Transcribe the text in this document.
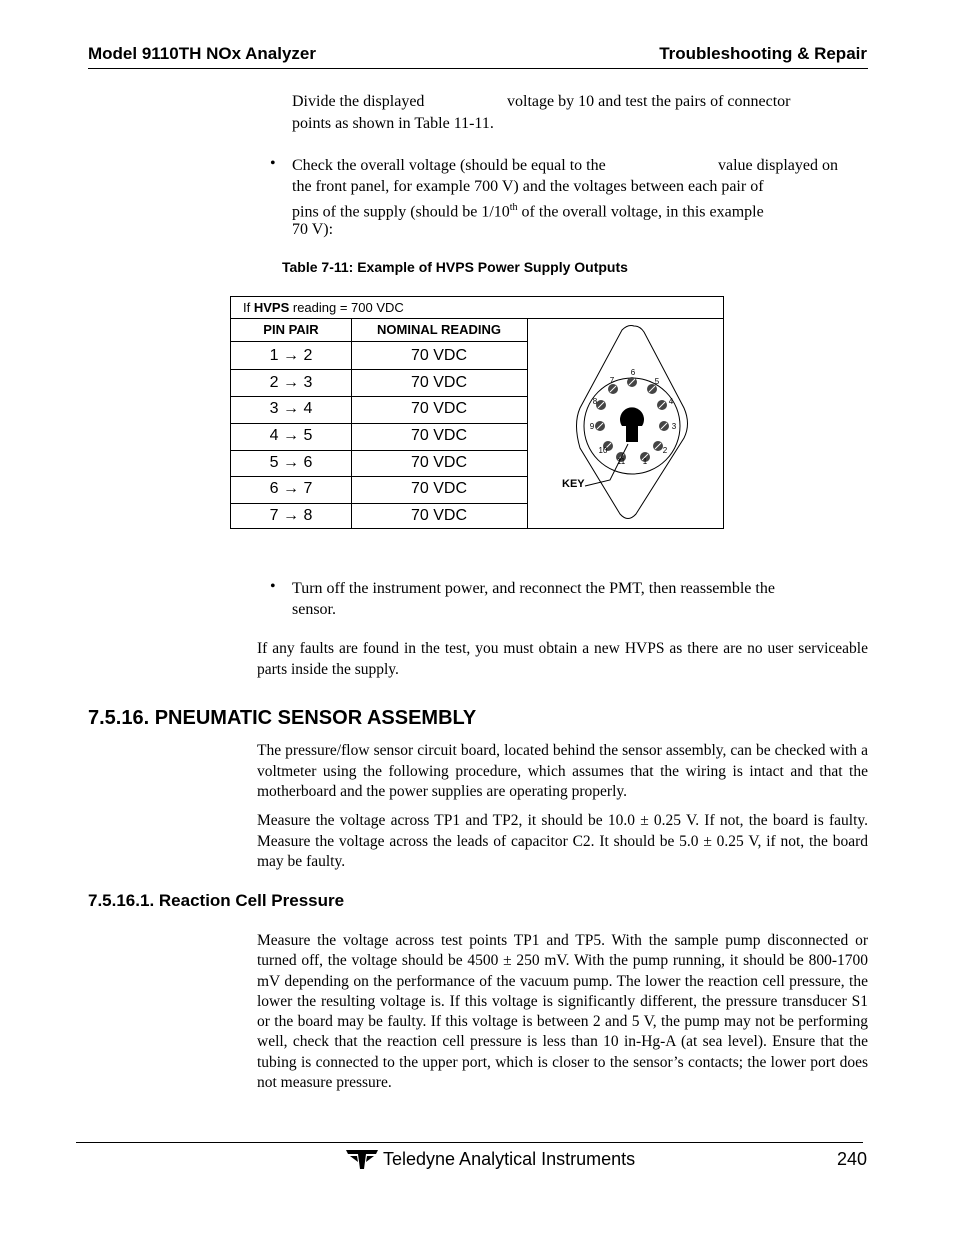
Model 9110TH NOx Analyzer	Troubleshooting & Repair
Divide the displayed	voltage by 10 and test the pairs of connector
points as shown in Table 11-11.
• Check the overall voltage (should be equal to the	value displayed on
the front panel, for example 700 V) and the voltages between each pair of
pins of the supply (should be 1/10th of the overall voltage, in this example
70 V):
Table 7-11: Example of HVPS Power Supply Outputs
If HVPS reading = 700 VDC
PIN PAIR	NOMINAL READING
1 → 2	70 VDC
2 → 3	70 VDC
3 → 4	70 VDC
4 → 5	70 VDC
5 → 6	70 VDC
6 → 7	70 VDC
7 → 8	70 VDC
1
2
3
4
5
6
7
8
9
10
11
KEY
• Turn off the instrument power, and reconnect the PMT, then reassemble the
sensor.
If any faults are found in the test, you must obtain a new HVPS as there are no user serviceable parts inside the supply.
7.5.16. PNEUMATIC SENSOR ASSEMBLY
The pressure/flow sensor circuit board, located behind the sensor assembly, can be checked with a voltmeter using the following procedure, which assumes that the wiring is intact and that the motherboard and the power supplies are operating properly.
Measure the voltage across TP1 and TP2, it should be 10.0 ± 0.25 V. If not, the board is faulty. Measure the voltage across the leads of capacitor C2. It should be 5.0 ± 0.25 V, if not, the board may be faulty.
7.5.16.1. Reaction Cell Pressure
Measure the voltage across test points TP1 and TP5. With the sample pump disconnected or turned off, the voltage should be 4500 ± 250 mV. With the pump running, it should be 800-1700 mV depending on the performance of the vacuum pump. The lower the reaction cell pressure, the lower the resulting voltage is. If this voltage is significantly different, the pressure transducer S1 or the board may be faulty. If this voltage is between 2 and 5 V, the pump may not be performing well, check that the reaction cell pressure is less than 10 in-Hg-A (at sea level). Ensure that the tubing is connected to the upper port, which is closer to the sensor’s contacts; the lower port does not measure pressure.
Teledyne Analytical Instruments	240
